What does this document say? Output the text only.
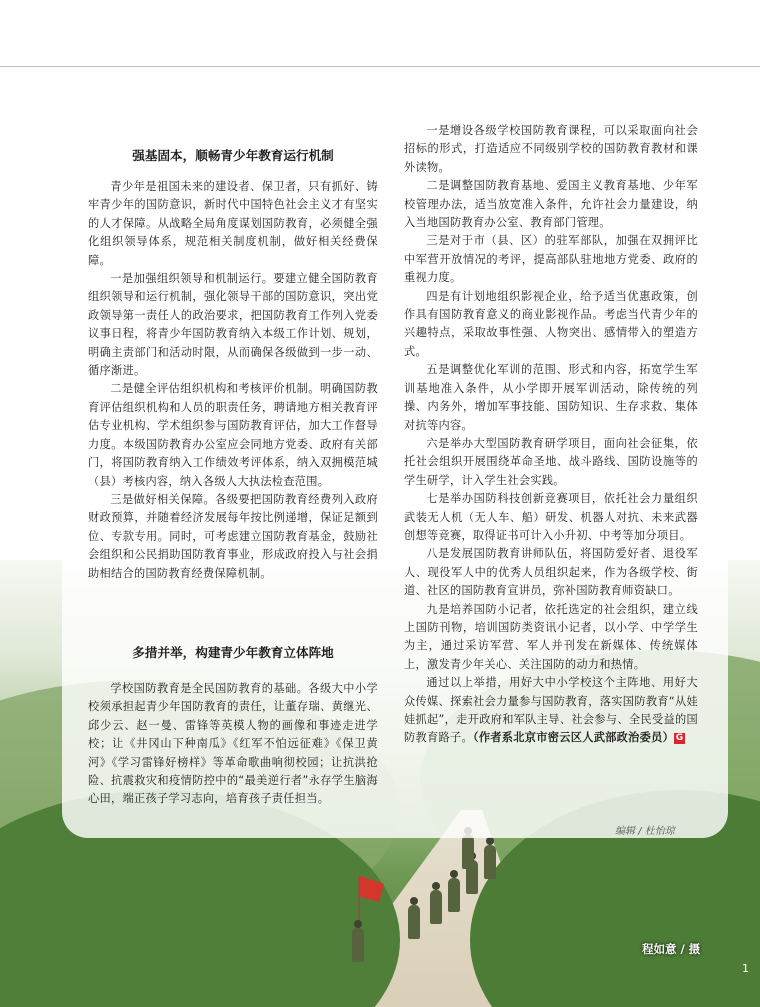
强基固本，顺畅青少年教育运行机制

青少年是祖国未来的建设者、保卫者，只有抓好、铸牢青少年的国防意识，新时代中国特色社会主义才有坚实的人才保障。从战略全局角度谋划国防教育，必须健全强化组织领导体系，规范相关制度机制，做好相关经费保障。

一是加强组织领导和机制运行。要建立健全国防教育组织领导和运行机制，强化领导干部的国防意识，突出党政领导第一责任人的政治要求，把国防教育工作列入党委议事日程，将青少年国防教育纳入本级工作计划、规划，明确主责部门和活动时限，从而确保各级做到一步一动、循序渐进。

二是健全评估组织机构和考核评价机制。明确国防教育评估组织机构和人员的职责任务，聘请地方相关教育评估专业机构、学术组织参与国防教育评估，加大工作督导力度。本级国防教育办公室应会同地方党委、政府有关部门，将国防教育纳入工作绩效考评体系，纳入双拥模范城（县）考核内容，纳入各级人大执法检查范围。

三是做好相关保障。各级要把国防教育经费列入政府财政预算，并随着经济发展每年按比例递增，保证足额到位、专款专用。同时，可考虑建立国防教育基金，鼓励社会组织和公民捐助国防教育事业，形成政府投入与社会捐助相结合的国防教育经费保障机制。

多措并举，构建青少年教育立体阵地

学校国防教育是全民国防教育的基础。各级大中小学校须承担起青少年国防教育的责任，让董存瑞、黄继光、邱少云、赵一曼、雷锋等英模人物的画像和事迹走进学校；让《井冈山下种南瓜》《红军不怕远征难》《保卫黄河》《学习雷锋好榜样》等革命歌曲响彻校园；让抗洪抢险、抗震救灾和疫情防控中的“最美逆行者”永存学生脑海心田，端正孩子学习志向，培育孩子责任担当。

一是增设各级学校国防教育课程，可以采取面向社会招标的形式，打造适应不同级别学校的国防教育教材和课外读物。

二是调整国防教育基地、爱国主义教育基地、少年军校管理办法，适当放宽准入条件，允许社会力量建设，纳入当地国防教育办公室、教育部门管理。

三是对于市（县、区）的驻军部队，加强在双拥评比中军营开放情况的考评，提高部队驻地地方党委、政府的重视力度。

四是有计划地组织影视企业，给予适当优惠政策，创作具有国防教育意义的商业影视作品。考虑当代青少年的兴趣特点，采取故事性强、人物突出、感情带入的塑造方式。

五是调整优化军训的范围、形式和内容，拓宽学生军训基地准入条件，从小学即开展军训活动，除传统的列操、内务外，增加军事技能、国防知识、生存求救、集体对抗等内容。

六是举办大型国防教育研学项目，面向社会征集，依托社会组织开展围绕革命圣地、战斗路线、国防设施等的学生研学，计入学生社会实践。

七是举办国防科技创新竞赛项目，依托社会力量组织武装无人机（无人车、船）研发、机器人对抗、未来武器创想等竞赛，取得证书可计入小升初、中考等加分项目。

八是发展国防教育讲师队伍，将国防爱好者、退役军人、现役军人中的优秀人员组织起来，作为各级学校、街道、社区的国防教育宣讲员，弥补国防教育师资缺口。

九是培养国防小记者，依托选定的社会组织，建立线上国防刊物，培训国防类资讯小记者，以小学、中学学生为主，通过采访军营、军人并刊发在新媒体、传统媒体上，激发青少年关心、关注国防的动力和热情。

通过以上举措，用好大中小学校这个主阵地、用好大众传媒、探索社会力量参与国防教育，落实国防教育“从娃娃抓起”，走开政府和军队主导、社会参与、全民受益的国防教育路子。（作者系北京市密云区人武部政治委员） G

编辑 / 杜怡琼
程如意 / 摄
1
